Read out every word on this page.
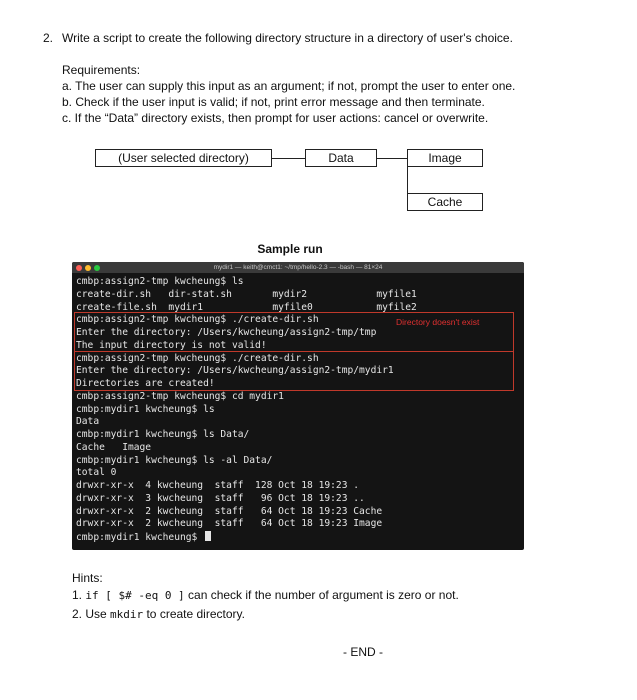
2. Write a script to create the following directory structure in a directory of user's choice.
Requirements:
a. The user can supply this input as an argument; if not, prompt the user to enter one.
b. Check if the user input is valid; if not, print error message and then terminate.
c. If the “Data” directory exists, then prompt for user actions: cancel or overwrite.
(User selected directory)	Data	Image
Cache
Sample run
mydir1 — keith@cmct1: ~/tmp/hello-2.3 — -bash — 81×24
cmbp:assign2-tmp kwcheung$ ls
create-dir.sh   dir-stat.sh       mydir2            myfile1
create-file.sh  mydir1            myfile0           myfile2
cmbp:assign2-tmp kwcheung$ ./create-dir.sh
Enter the directory: /Users/kwcheung/assign2-tmp/tmp
The input directory is not valid!
cmbp:assign2-tmp kwcheung$ ./create-dir.sh
Enter the directory: /Users/kwcheung/assign2-tmp/mydir1
Directories are created!
cmbp:assign2-tmp kwcheung$ cd mydir1
cmbp:mydir1 kwcheung$ ls
Data
cmbp:mydir1 kwcheung$ ls Data/
Cache   Image
cmbp:mydir1 kwcheung$ ls -al Data/
total 0
drwxr-xr-x  4 kwcheung  staff  128 Oct 18 19:23 .
drwxr-xr-x  3 kwcheung  staff   96 Oct 18 19:23 ..
drwxr-xr-x  2 kwcheung  staff   64 Oct 18 19:23 Cache
drwxr-xr-x  2 kwcheung  staff   64 Oct 18 19:23 Image
cmbp:mydir1 kwcheung$
Directory doesn't exist
Hints:
1. if [ $# -eq 0 ] can check if the number of argument is zero or not.
2. Use mkdir to create directory.
- END -
